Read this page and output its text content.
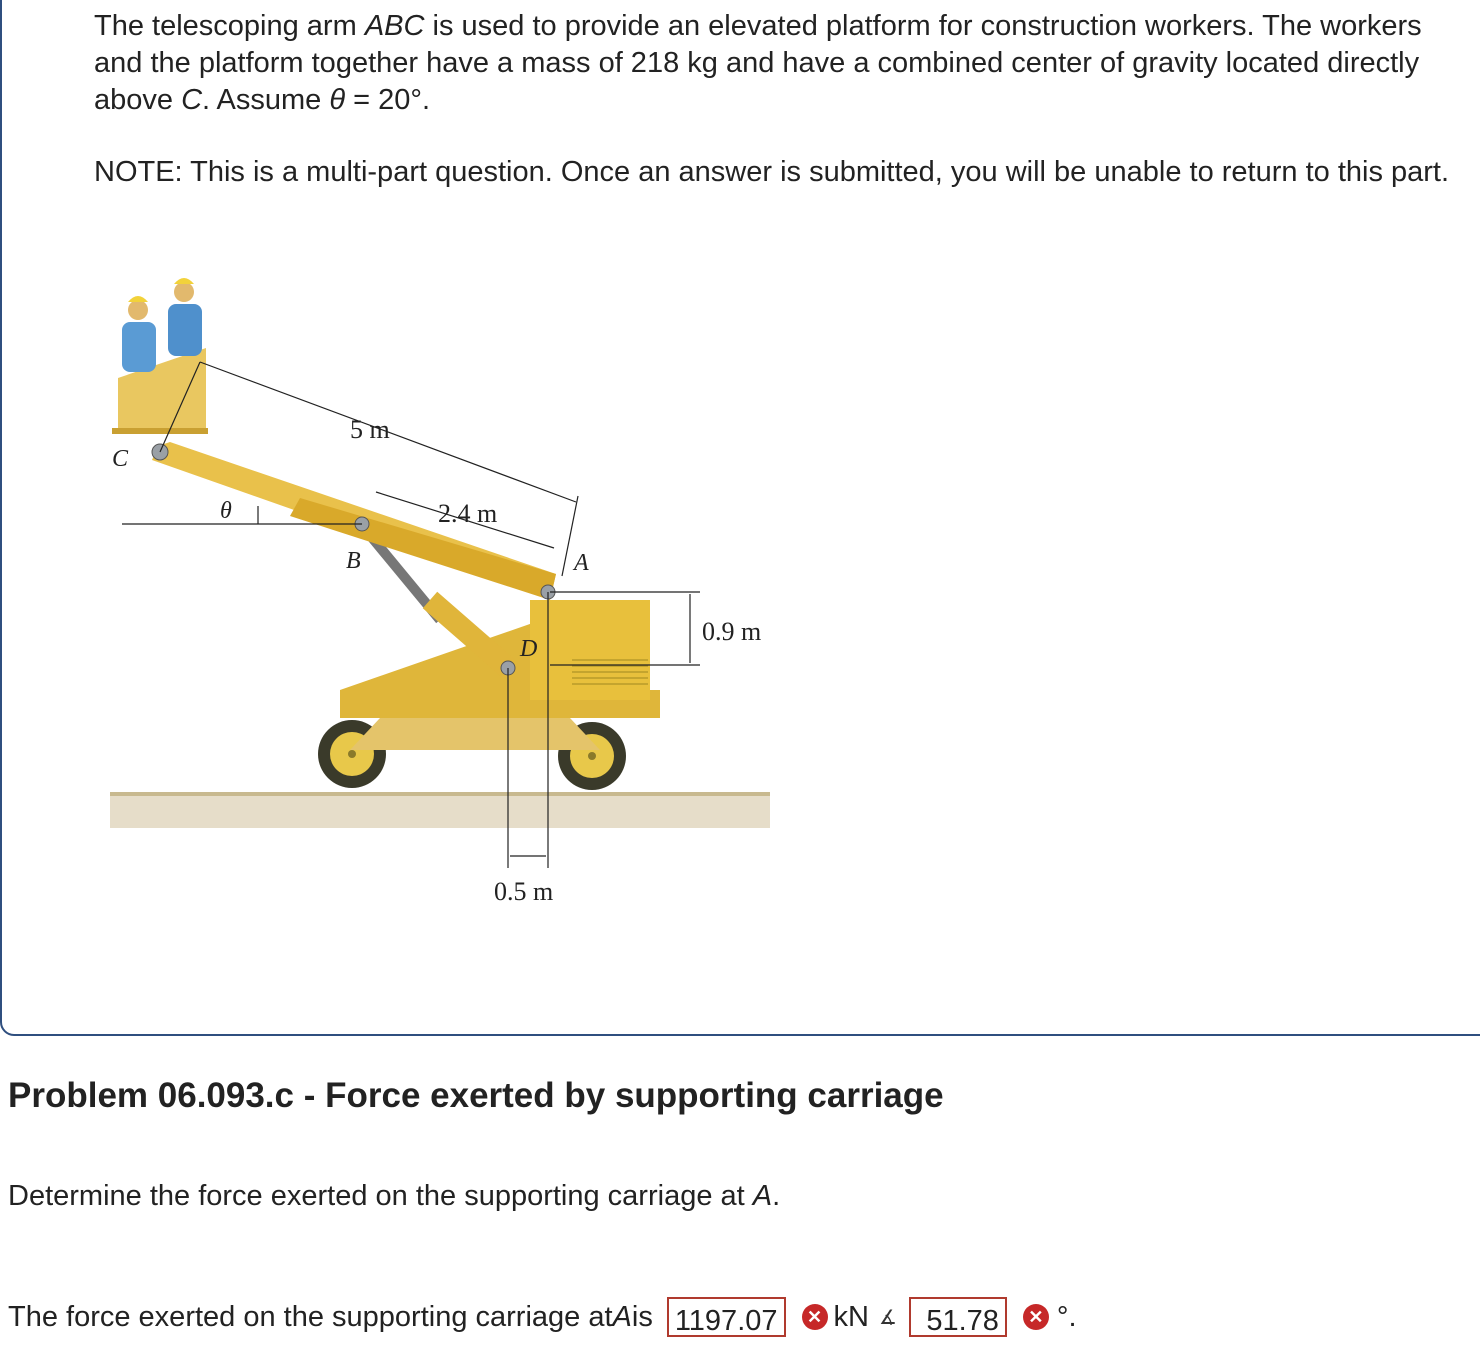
The telescoping arm ABC is used to provide an elevated platform for construction workers. The workers and the platform together have a mass of 218 kg and have a combined center of gravity located directly above C. Assume θ = 20°.

NOTE: This is a multi-part question. Once an answer is submitted, you will be unable to return to this part.
5 m
2.4 m
0.9 m
0.5 m
A
B
C
D
θ
Problem 06.093.c - Force exerted by supporting carriage
Determine the force exerted on the supporting carriage at A.
The force exerted on the supporting carriage at A is 1197.07	✕ kN ∡	51.78	✕ °.
